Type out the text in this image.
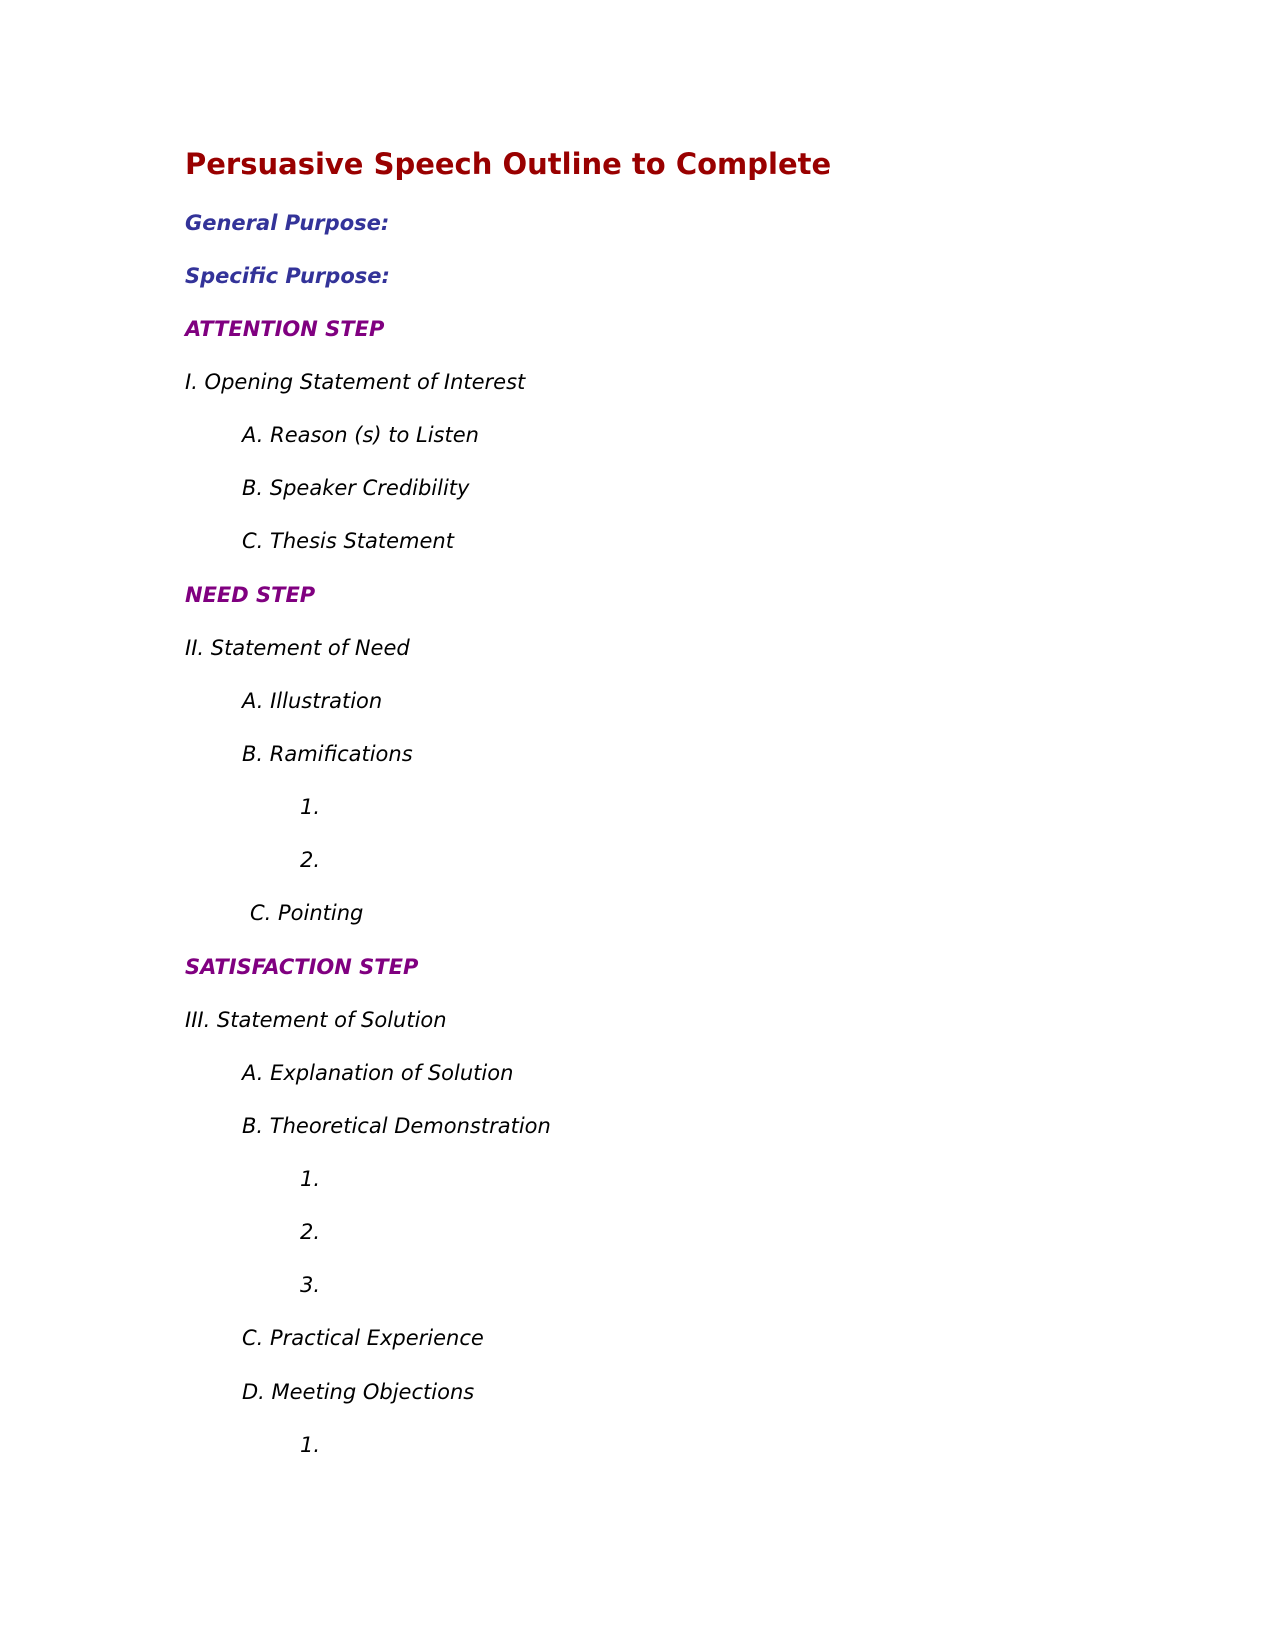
Persuasive Speech Outline to Complete
General Purpose:
Specific Purpose:
ATTENTION STEP
I. Opening Statement of Interest
A. Reason (s) to Listen
B. Speaker Credibility
C. Thesis Statement
NEED STEP
II. Statement of Need
A. Illustration
B. Ramifications
1.
2.
C. Pointing
SATISFACTION STEP
III. Statement of Solution
A. Explanation of Solution
B. Theoretical Demonstration
1.
2.
3.
C. Practical Experience
D. Meeting Objections
1.
